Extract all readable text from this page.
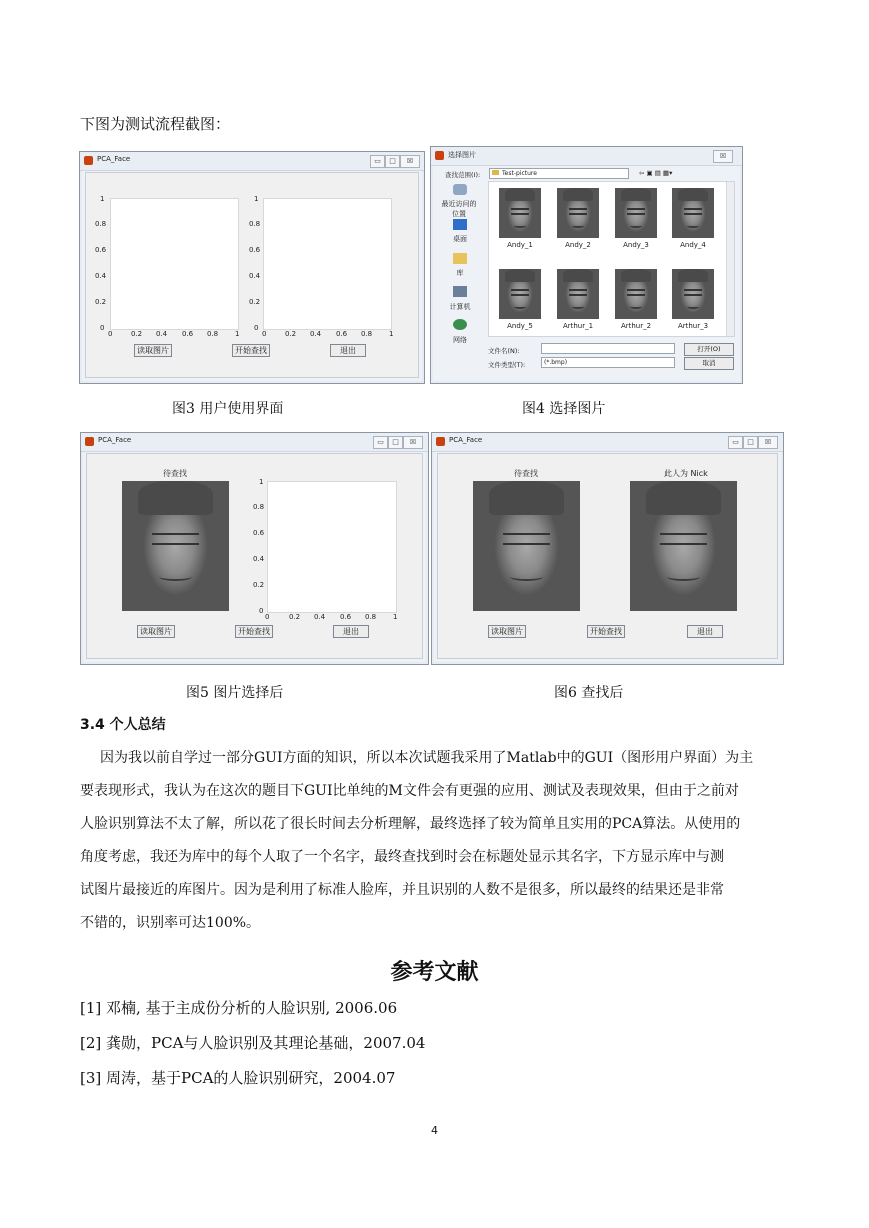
下图为测试流程截图：
PCA_Face	▭	□	☒
1
0.8
0.6
0.4
0.2
0
0	0.2 0.4 0.6 0.8 1
1
0.8
0.6
0.4
0.2
0
0	0.2 0.4 0.6 0.8 1
读取图片	开始查找	退出
选择图片	☒
查找范围(I):	Test-picture	⇦ ▣ ▤ ▦▾
最近访问的位置
桌面
库
计算机
网络
Andy_1	Andy_2	Andy_3	Andy_4
Andy_5	Arthur_1	Arthur_2	Arthur_3
文件名(N):	打开(O)
文件类型(T):	(*.bmp)	取消
图3 用户使用界面	图4 选择图片
PCA_Face	▭	□	☒
待查找
1
0.8
0.6
0.4
0.2
0
0	0.2 0.4 0.6 0.8 1
读取图片	开始查找	退出
PCA_Face	▭	□	☒
待查找	此人为 Nick
读取图片	开始查找	退出
图5 图片选择后	图6 查找后
3.4 个人总结
因为我以前自学过一部分GUI方面的知识，所以本次试题我采用了Matlab中的GUI（图形用户界面）为主
要表现形式，我认为在这次的题目下GUI比单纯的M文件会有更强的应用、测试及表现效果，但由于之前对
人脸识别算法不太了解，所以花了很长时间去分析理解，最终选择了较为简单且实用的PCA算法。从使用的
角度考虑，我还为库中的每个人取了一个名字，最终查找到时会在标题处显示其名字，下方显示库中与测
试图片最接近的库图片。因为是利用了标准人脸库，并且识别的人数不是很多，所以最终的结果还是非常
不错的，识别率可达100%。
参考文献
[1] 邓楠, 基于主成份分析的人脸识别, 2006.06
[2] 龚勋，PCA与人脸识别及其理论基础，2007.04
[3] 周涛，基于PCA的人脸识别研究，2004.07
4
